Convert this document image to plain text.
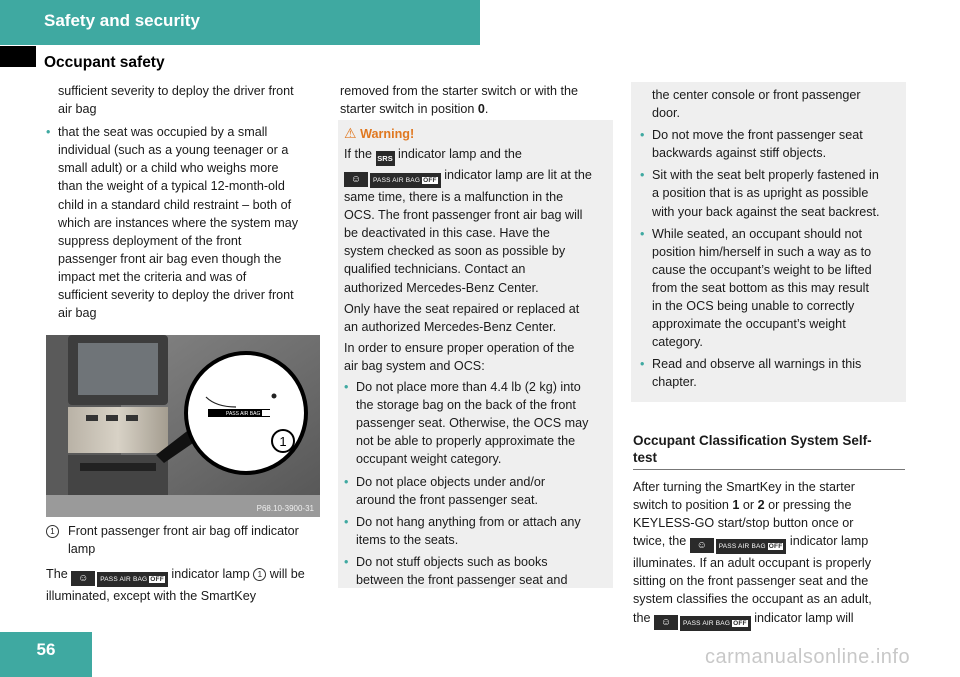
Safety and security
Occupant safety

sufficient severity to deploy the driver front
air bag

• that the seat was occupied by a small
individual (such as a young teenager or a
small adult) or a child who weighs more
than the weight of a typical 12-month-old
child in a standard child restraint – both of
which are instances where the system may
suppress deployment of the front
passenger front air bag even though the
impact met the criteria and was of
sufficient severity to deploy the driver front
air bag
PASS AIR BAG
1
P68.10-3900-31
1	Front passenger front air bag off indicator
lamp

The ☺ PASS AIR BAG OFF indicator lamp 1 will be
illuminated, except with the SmartKey

removed from the starter switch or with the
starter switch in position 0.

⚠ Warning!

If the SRS indicator lamp and the
☺ PASS AIR BAG OFF indicator lamp are lit at the
same time, there is a malfunction in the
OCS. The front passenger front air bag will
be deactivated in this case. Have the
system checked as soon as possible by
qualified technicians. Contact an
authorized Mercedes-Benz Center.

Only have the seat repaired or replaced at
an authorized Mercedes-Benz Center.

In order to ensure proper operation of the
air bag system and OCS:

• Do not place more than 4.4 lb (2 kg) into
the storage bag on the back of the front
passenger seat. Otherwise, the OCS may
not be able to properly approximate the
occupant weight category.
• Do not place objects under and/or
around the front passenger seat.
• Do not hang anything from or attach any
items to the seats.
• Do not stuff objects such as books
between the front passenger seat and

the center console or front passenger
door.

• Do not move the front passenger seat
backwards against stiff objects.
• Sit with the seat belt properly fastened in
a position that is as upright as possible
with your back against the seat backrest.
• While seated, an occupant should not
position him/herself in such a way as to
cause the occupant’s weight to be lifted
from the seat bottom as this may result
in the OCS being unable to correctly
approximate the occupant’s weight
category.
• Read and observe all warnings in this
chapter.
Occupant Classification System Self-
test

After turning the SmartKey in the starter
switch to position 1 or 2 or pressing the
KEYLESS-GO start/stop button once or
twice, the ☺ PASS AIR BAG OFF indicator lamp
illuminates. If an adult occupant is properly
sitting on the front passenger seat and the
system classifies the occupant as an adult,
the ☺ PASS AIR BAG OFF indicator lamp will

56	carmanualsonline.info
